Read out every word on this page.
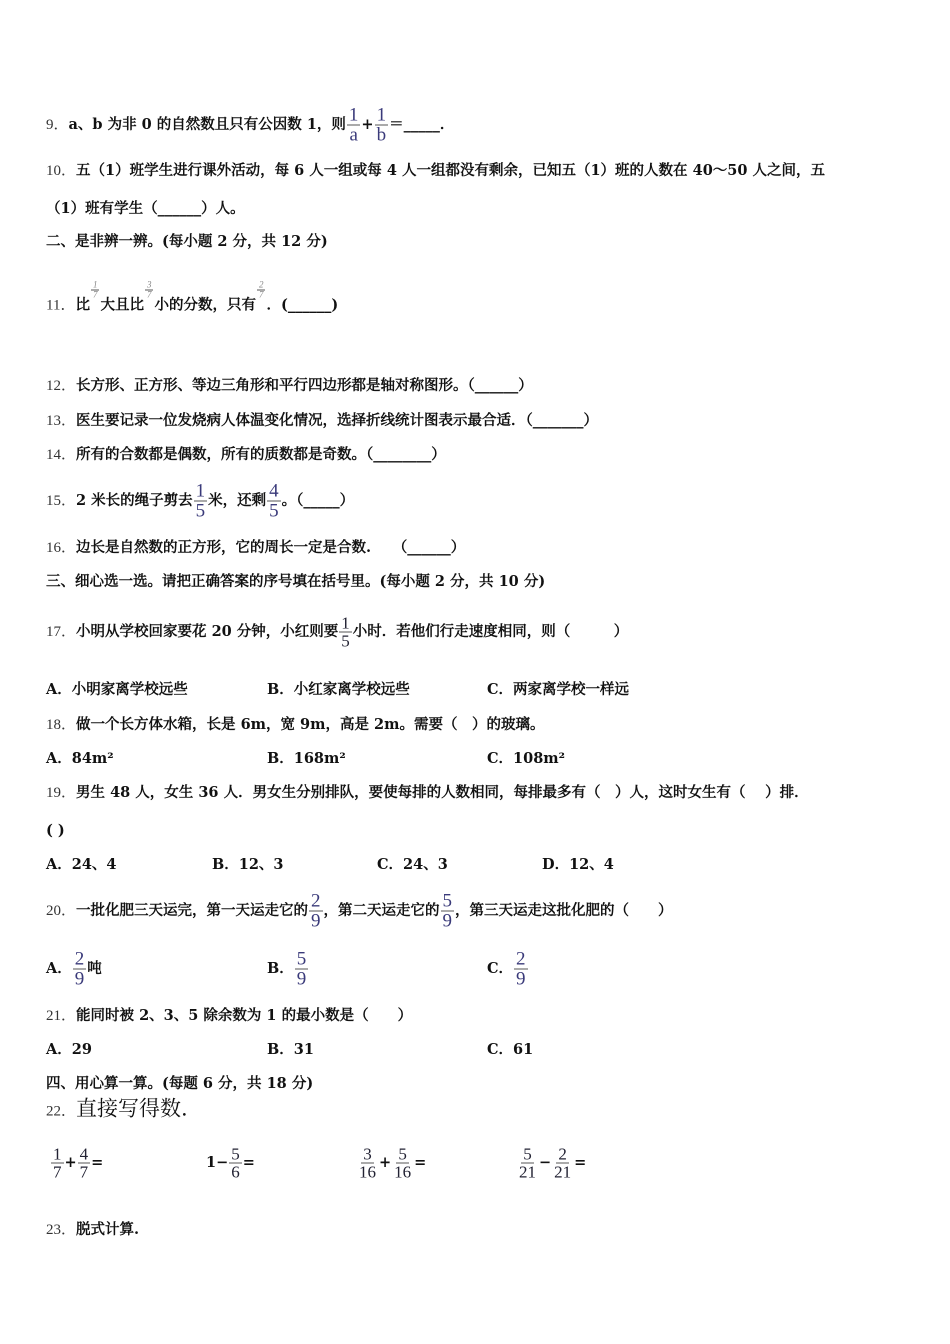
9．a、b 为非 0 的自然数且只有公因数 1，则 $\frac{1}{a} + \frac{1}{b}$ ＝_____．
10．五（1）班学生进行课外活动，每 6 人一组或每 4 人一组都没有剩余，已知五（1）班的人数在 40～50 人之间，五
（1）班有学生（______）人。
二、是非辨一辨。(每小题 2 分，共 12 分)
11．比
$\frac{1}{7}$
大且比
$\frac{3}{7}$
小的分数，只有
$\frac{2}{7}$
．(______)
12．长方形、正方形、等边三角形和平行四边形都是轴对称图形。（______）
13．医生要记录一位发烧病人体温变化情况，选择折线统计图表示最合适．（_______）
14．所有的合数都是偶数，所有的质数都是奇数。（________）
15．2 米长的绳子剪去 $\frac{1}{5}$ 米，还剩 $\frac{4}{5}$ 。（_____）
16．边长是自然数的正方形，它的周长一定是合数.　　（______）
三、细心选一选。请把正确答案的序号填在括号里。(每小题 2 分，共 10 分)
17．小明从学校回家要花 20 分钟，小红则要 $\frac{1}{5}$ 小时．若他们行走速度相同，则（　　　）
A．小明家离学校远些	B．小红家离学校远些	C．两家离学校一样远
18．做一个长方体水箱，长是 6m，宽 9m，高是 2m。需要（　）的玻璃。
A．84m²	B．168m²	C．108m²
19．男生 48 人，女生 36 人．男女生分别排队，要使每排的人数相同，每排最多有（　）人，这时女生有（　 ）排．
( )
A．24、4	B．12、3	C．24、3	D．12、4
20．一批化肥三天运完，第一天运走它的 $\frac{2}{9}$ ，第二天运走它的 $\frac{5}{9}$ ，第三天运走这批化肥的（　　）
A． $\frac{2}{9}$ 吨	B． $\frac{5}{9}$	C． $\frac{2}{9}$
21．能同时被 2、3、5 除余数为 1 的最小数是（　　）
A．29	B．31	C．61
四、用心算一算。(每题 6 分，共 18 分)
22．直接写得数.
$\frac{1}{7} + \frac{4}{7}$ =	$1- \frac{5}{6}$ =	$\frac{3}{16} + \frac{5}{16}$ =	$\frac{5}{21} - \frac{2}{21}$ =
23．脱式计算.
